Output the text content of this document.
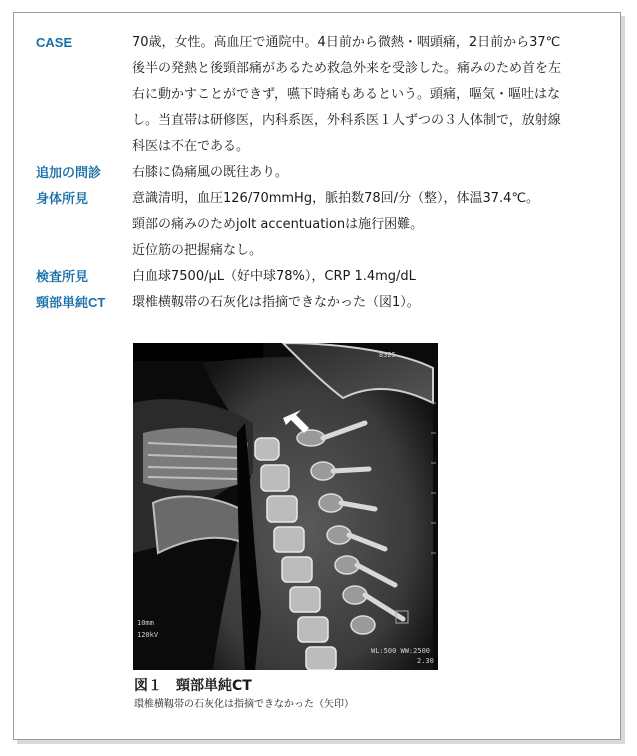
CASE	70歳，女性。高血圧で通院中。4日前から微熱・咽頭痛，2日前から37℃

後半の発熱と後頸部痛があるため救急外来を受診した。痛みのため首を左

右に動かすことができず，嚥下時痛もあるという。頭痛，嘔気・嘔吐はな

し。当直帯は研修医，内科系医，外科系医１人ずつの３人体制で，放射線

科医は不在である。

追加の問診	右膝に偽痛風の既往あり。
身体所見	意識清明，血圧126/70mmHg，脈拍数78回/分（整），体温37.4℃。

頸部の痛みのためjolt accentuationは施行困難。

近位筋の把握痛なし。

検査所見	白血球7500/μL（好中球78%），CRP 1.4mg/dL
頸部単純CT	環椎横靱帯の石灰化は指摘できなかった（図1）。
8325
10mm
120kV
WL:500 WW:2500
2.30
図１　頸部単純CT
環椎横靱帯の石灰化は指摘できなかった（矢印）
